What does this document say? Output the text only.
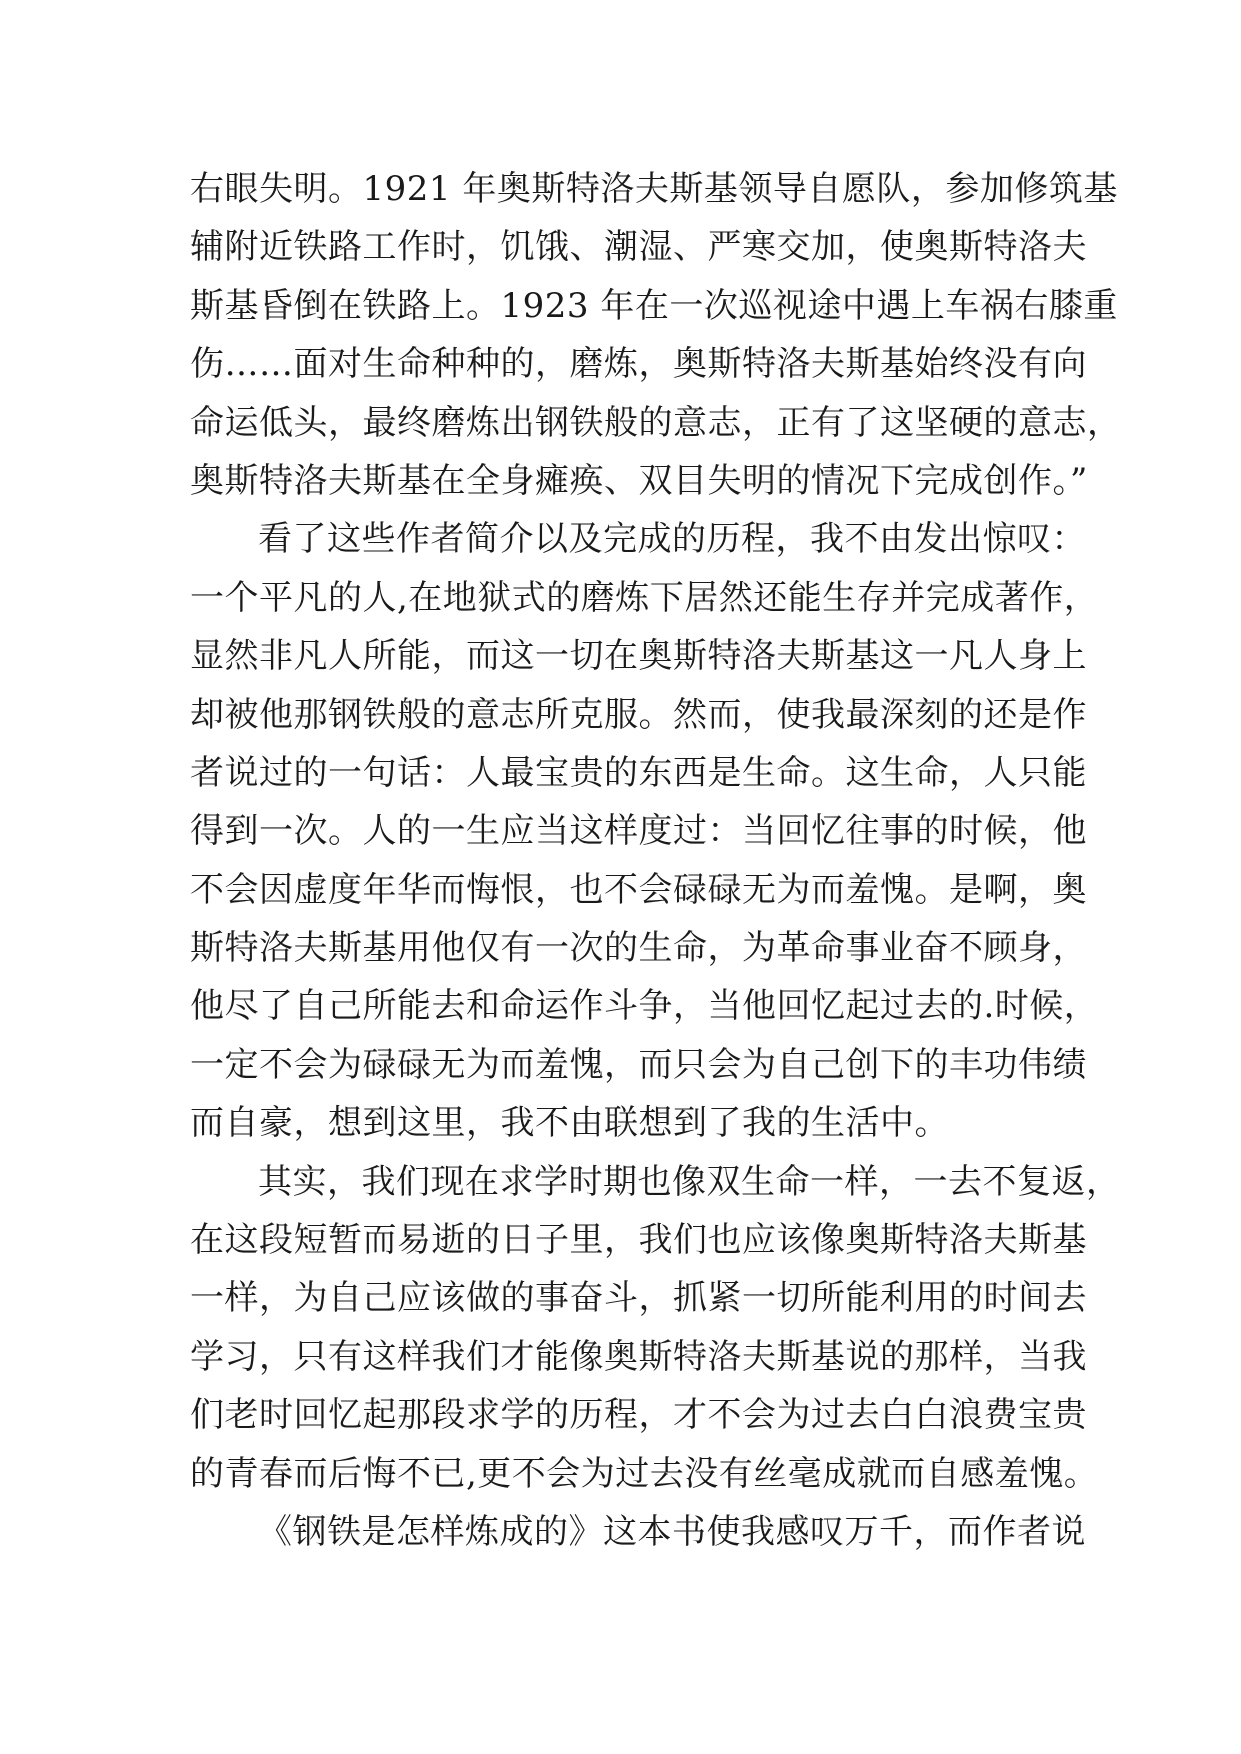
右眼失明。1921 年奥斯特洛夫斯基领导自愿队，参加修筑基
辅附近铁路工作时，饥饿、潮湿、严寒交加，使奥斯特洛夫
斯基昏倒在铁路上。1923 年在一次巡视途中遇上车祸右膝重
伤……面对生命种种的，磨炼，奥斯特洛夫斯基始终没有向
命运低头，最终磨炼出钢铁般的意志，正有了这坚硬的意志，
奥斯特洛夫斯基在全身瘫痪、双目失明的情况下完成创作。”
看了这些作者简介以及完成的历程，我不由发出惊叹：
一个平凡的人,在地狱式的磨炼下居然还能生存并完成著作，
显然非凡人所能，而这一切在奥斯特洛夫斯基这一凡人身上
却被他那钢铁般的意志所克服。然而，使我最深刻的还是作
者说过的一句话：人最宝贵的东西是生命。这生命，人只能
得到一次。人的一生应当这样度过：当回忆往事的时候，他
不会因虚度年华而悔恨，也不会碌碌无为而羞愧。是啊，奥
斯特洛夫斯基用他仅有一次的生命，为革命事业奋不顾身，
他尽了自己所能去和命运作斗争，当他回忆起过去的.时候，
一定不会为碌碌无为而羞愧，而只会为自己创下的丰功伟绩
而自豪，想到这里，我不由联想到了我的生活中。
其实，我们现在求学时期也像双生命一样，一去不复返，
在这段短暂而易逝的日子里，我们也应该像奥斯特洛夫斯基
一样，为自己应该做的事奋斗，抓紧一切所能利用的时间去
学习，只有这样我们才能像奥斯特洛夫斯基说的那样，当我
们老时回忆起那段求学的历程，才不会为过去白白浪费宝贵
的青春而后悔不已,更不会为过去没有丝毫成就而自感羞愧。
《钢铁是怎样炼成的》这本书使我感叹万千，而作者说
